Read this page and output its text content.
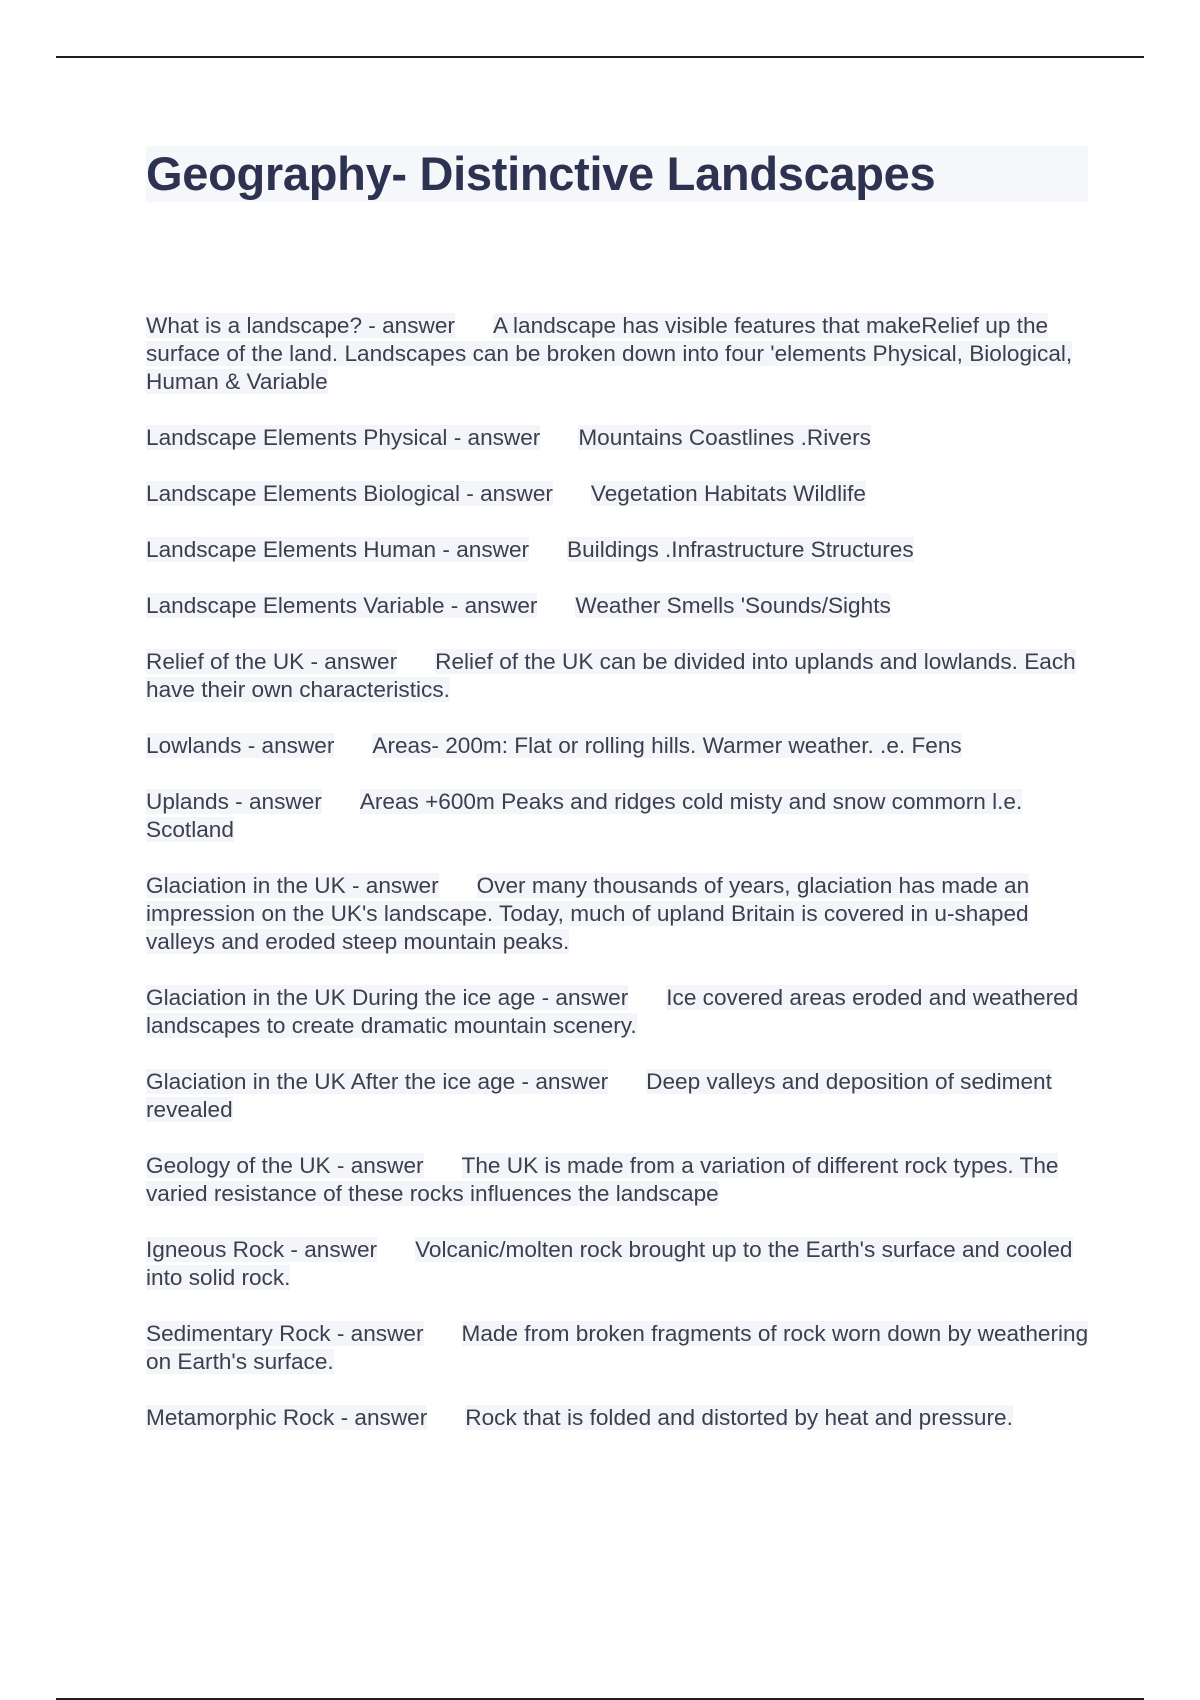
Geography- Distinctive Landscapes

What is a landscape? - answer A landscape has visible features that makeRelief up the surface of the land. Landscapes can be broken down into four 'elements Physical, Biological, Human & Variable

Landscape Elements Physical - answer Mountains Coastlines .Rivers

Landscape Elements Biological - answer Vegetation Habitats Wildlife

Landscape Elements Human - answer Buildings .Infrastructure Structures

Landscape Elements Variable - answer Weather Smells 'Sounds/Sights

Relief of the UK - answer Relief of the UK can be divided into uplands and lowlands. Each have their own characteristics.

Lowlands - answer Areas- 200m: Flat or rolling hills. Warmer weather. .e. Fens

Uplands - answer Areas +600m Peaks and ridges cold misty and snow commorn l.e. Scotland

Glaciation in the UK - answer Over many thousands of years, glaciation has made an impression on the UK's landscape. Today, much of upland Britain is covered in u-shaped valleys and eroded steep mountain peaks.

Glaciation in the UK During the ice age - answer Ice covered areas eroded and weathered landscapes to create dramatic mountain scenery.

Glaciation in the UK After the ice age - answer Deep valleys and deposition of sediment revealed

Geology of the UK - answer The UK is made from a variation of different rock types. The varied resistance of these rocks influences the landscape

Igneous Rock - answer Volcanic/molten rock brought up to the Earth's surface and cooled into solid rock.

Sedimentary Rock - answer Made from broken fragments of rock worn down by weathering on Earth's surface.

Metamorphic Rock - answer Rock that is folded and distorted by heat and pressure.
